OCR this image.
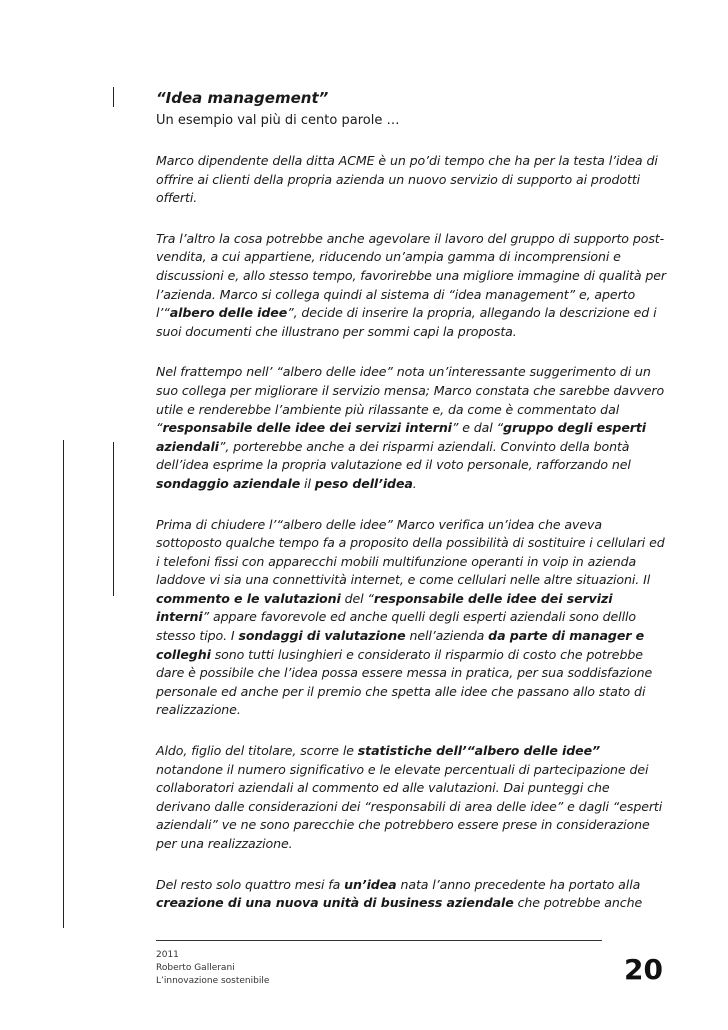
“Idea management”

Un esempio val più di cento parole …

Marco dipendente della ditta ACME è un po’di tempo che ha per la testa l’idea di offrire ai clienti della propria azienda un nuovo servizio di supporto ai prodotti offerti.

Tra l’altro la cosa potrebbe anche agevolare il lavoro del gruppo di supporto post-vendita, a cui appartiene, riducendo un’ampia gamma di incomprensioni e discussioni e, allo stesso tempo, favorirebbe una migliore immagine di qualità per l’azienda. Marco si collega quindi al sistema di “idea management” e, aperto l’“albero delle idee”, decide di inserire la propria, allegando la descrizione ed i suoi documenti che illustrano per sommi capi la proposta.

Nel frattempo nell’ “albero delle idee” nota un’interessante suggerimento di un suo collega per migliorare il servizio mensa; Marco constata che sarebbe davvero utile e renderebbe l’ambiente più rilassante e, da come è commentato dal “responsabile delle idee dei servizi interni” e dal “gruppo degli esperti aziendali”, porterebbe anche a dei risparmi aziendali. Convinto della bontà dell’idea esprime la propria valutazione ed il voto personale, rafforzando nel sondaggio aziendale il peso dell’idea.

Prima di chiudere l’“albero delle idee” Marco verifica un’idea che aveva sottoposto qualche tempo fa a proposito della possibilità di sostituire i cellulari ed i telefoni fissi con apparecchi mobili multifunzione operanti in voip in azienda laddove vi sia una connettività internet, e come cellulari nelle altre situazioni. Il commento e le valutazioni del “responsabile delle idee dei servizi interni” appare favorevole ed anche quelli degli esperti aziendali sono delllo stesso tipo. I sondaggi di valutazione nell’azienda da parte di manager e colleghi sono tutti lusinghieri e considerato il risparmio di costo che potrebbe dare è possibile che l’idea possa essere messa in pratica, per sua soddisfazione personale ed anche per il premio che spetta alle idee che passano allo stato di realizzazione.

Aldo, figlio del titolare, scorre le statistiche dell’“albero delle idee” notandone il numero significativo e le elevate percentuali di partecipazione dei collaboratori aziendali al commento ed alle valutazioni. Dai punteggi che derivano dalle considerazioni dei “responsabili di area delle idee” e dagli “esperti aziendali” ve ne sono parecchie che potrebbero essere prese in considerazione per una realizzazione.

Del resto solo quattro mesi fa un’idea nata l’anno precedente ha portato alla creazione di una nuova unità di business aziendale che potrebbe anche

2011
Roberto Gallerani
L’innovazione sostenibile	20
